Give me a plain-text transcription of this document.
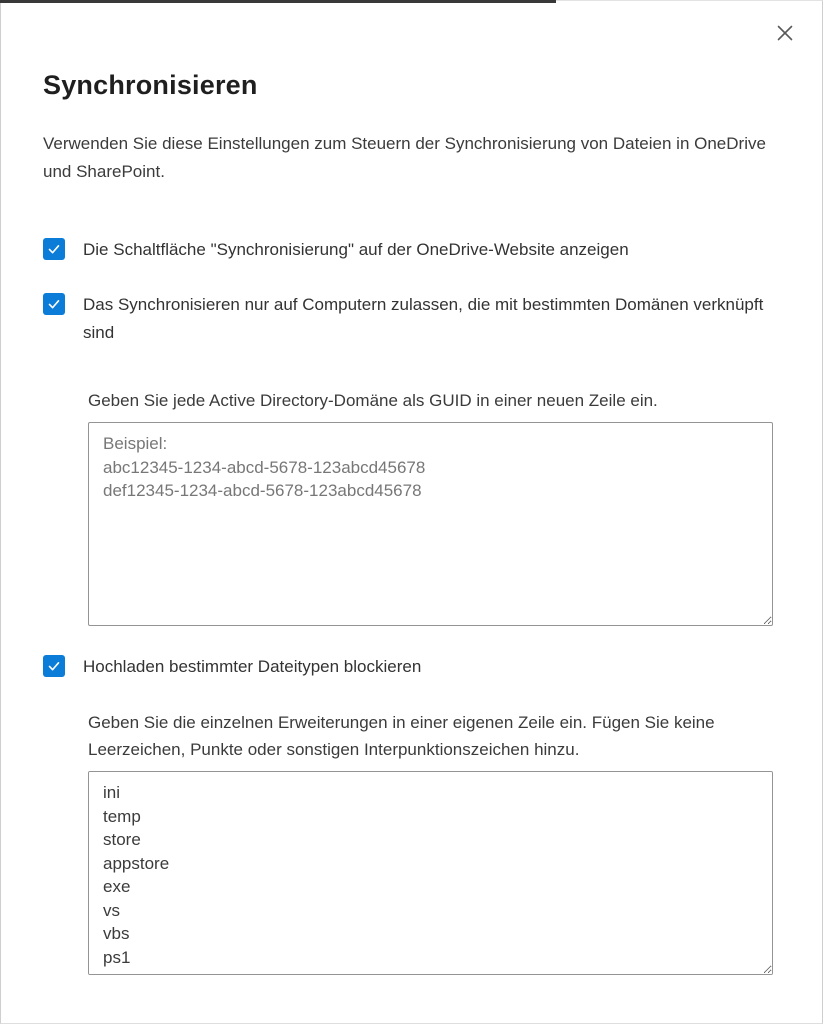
Synchronisieren
Verwenden Sie diese Einstellungen zum Steuern der Synchronisierung von Dateien in OneDrive und SharePoint.
Die Schaltfläche "Synchronisierung" auf der OneDrive-Website anzeigen
Das Synchronisieren nur auf Computern zulassen, die mit bestimmten Domänen verknüpft sind
Geben Sie jede Active Directory-Domäne als GUID in einer neuen Zeile ein.
Beispiel: abc12345-1234-abcd-5678-123abcd45678 def12345-1234-abcd-5678-123abcd45678
Hochladen bestimmter Dateitypen blockieren
Geben Sie die einzelnen Erweiterungen in einer eigenen Zeile ein. Fügen Sie keine Leerzeichen, Punkte oder sonstigen Interpunktionszeichen hinzu.
ini temp store appstore exe vs vbs ps1
